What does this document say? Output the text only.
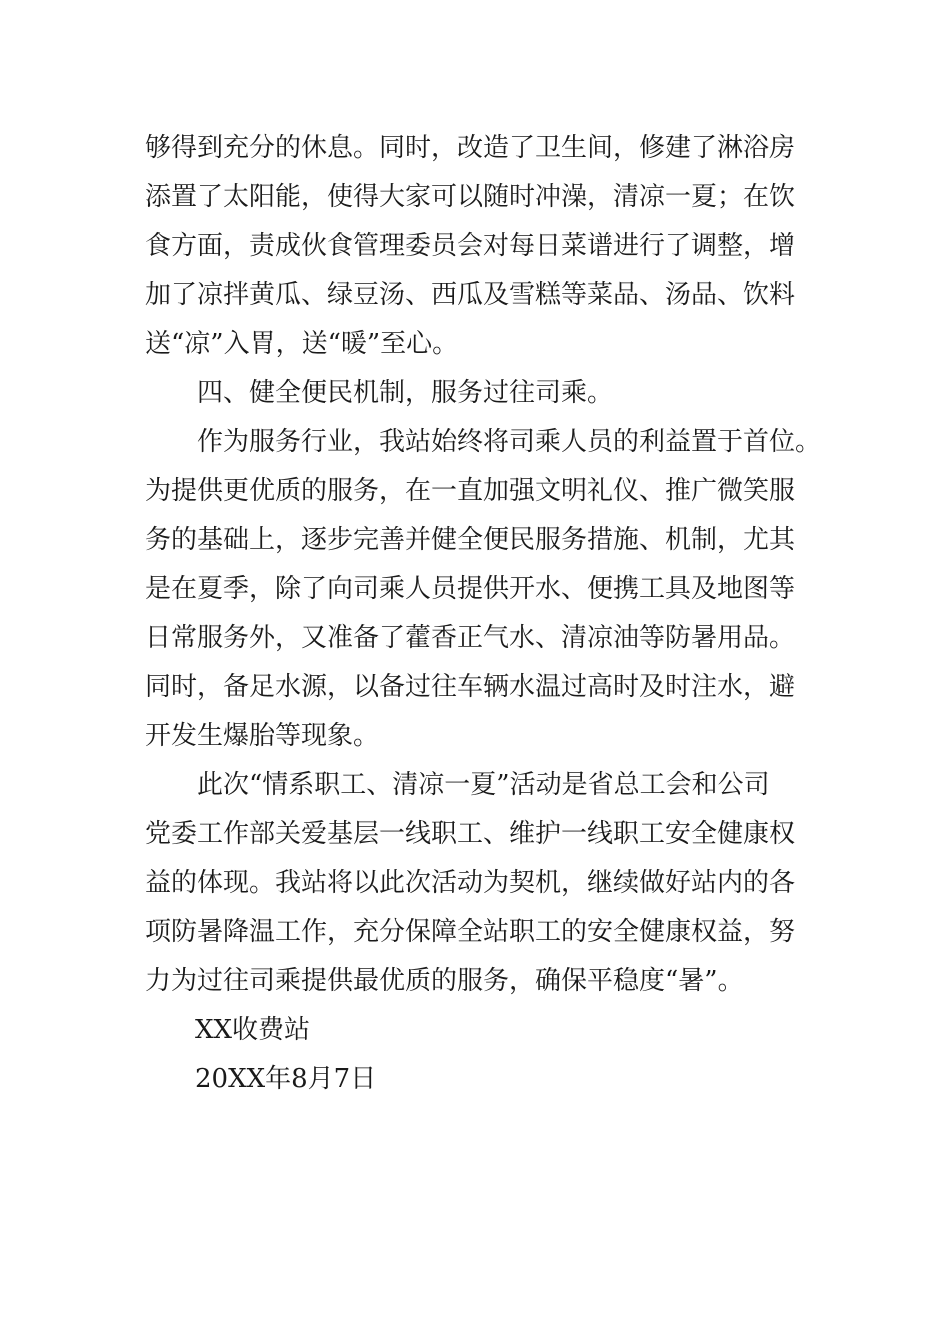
够得到充分的休息。同时，改造了卫生间，修建了淋浴房
添置了太阳能，使得大家可以随时冲澡，清凉一夏；在饮
食方面，责成伙食管理委员会对每日菜谱进行了调整，增
加了凉拌黄瓜、绿豆汤、西瓜及雪糕等菜品、汤品、饮料
送“凉”入胃，送“暖”至心。
四、健全便民机制，服务过往司乘。
作为服务行业，我站始终将司乘人员的利益置于首位。
为提供更优质的服务，在一直加强文明礼仪、推广微笑服
务的基础上，逐步完善并健全便民服务措施、机制，尤其
是在夏季，除了向司乘人员提供开水、便携工具及地图等
日常服务外，又准备了藿香正气水、清凉油等防暑用品。
同时，备足水源，以备过往车辆水温过高时及时注水，避
开发生爆胎等现象。
此次“情系职工、清凉一夏”活动是省总工会和公司
党委工作部关爱基层一线职工、维护一线职工安全健康权
益的体现。我站将以此次活动为契机，继续做好站内的各
项防暑降温工作，充分保障全站职工的安全健康权益，努
力为过往司乘提供最优质的服务，确保平稳度“暑”。
XX收费站
20XX年8月7日
